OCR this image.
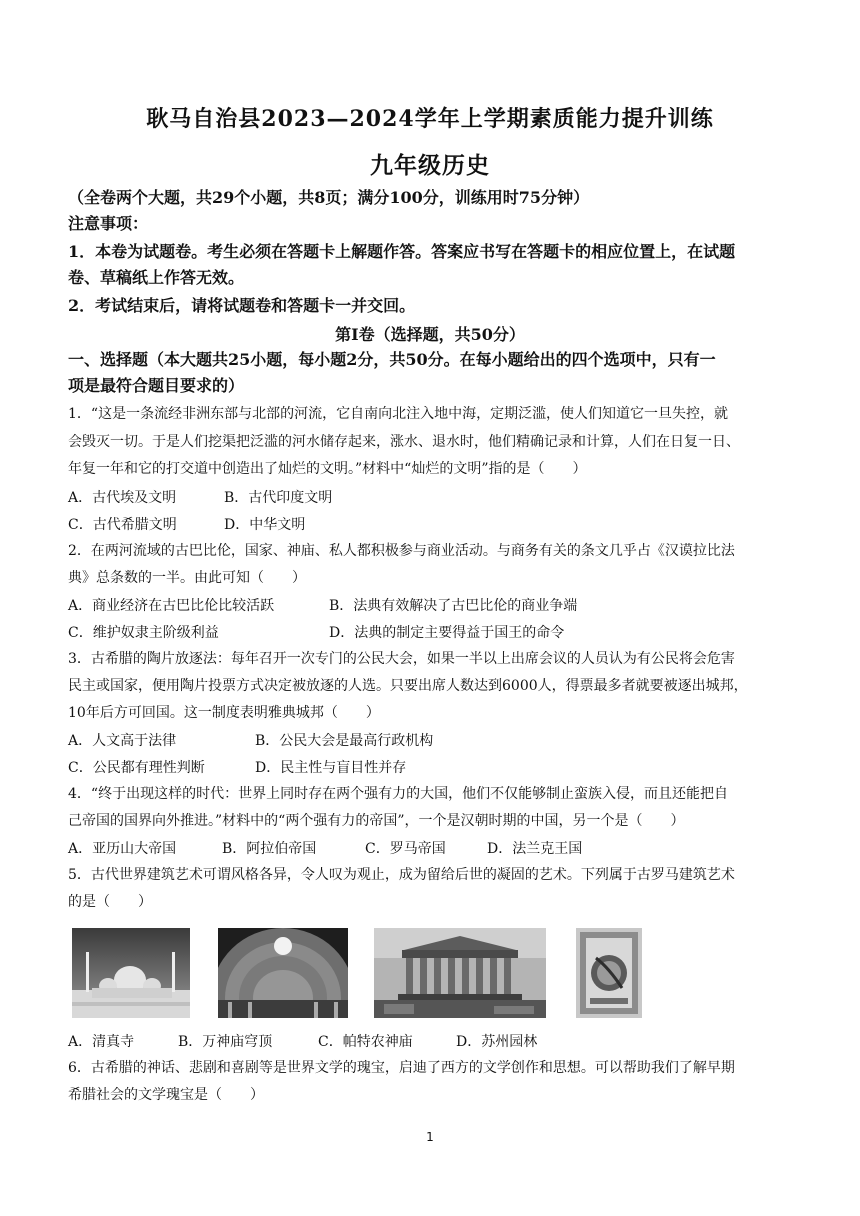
耿马自治县2023—2024学年上学期素质能力提升训练
九年级历史
（全卷两个大题，共29个小题，共8页；满分100分，训练用时75分钟）
注意事项：
1．本卷为试题卷。考生必须在答题卡上解题作答。答案应书写在答题卡的相应位置上，在试题
卷、草稿纸上作答无效。
2．考试结束后，请将试题卷和答题卡一并交回。
第Ⅰ卷（选择题，共50分）
一、选择题（本大题共25小题，每小题2分，共50分。在每小题给出的四个选项中，只有一
项是最符合题目要求的）
1．“这是一条流经非洲东部与北部的河流，它自南向北注入地中海，定期泛滥，使人们知道它一旦失控，就
会毁灭一切。于是人们挖渠把泛滥的河水储存起来，涨水、退水时，他们精确记录和计算，人们在日复一日、
年复一年和它的打交道中创造出了灿烂的文明。”材料中“灿烂的文明”指的是（　　）
A．古代埃及文明	B．古代印度文明
C．古代希腊文明	D．中华文明
2．在两河流域的古巴比伦，国家、神庙、私人都积极参与商业活动。与商务有关的条文几乎占《汉谟拉比法
典》总条数的一半。由此可知（　　）
A．商业经济在古巴比伦比较活跃	B．法典有效解决了古巴比伦的商业争端
C．维护奴隶主阶级利益	D．法典的制定主要得益于国王的命令
3．古希腊的陶片放逐法：每年召开一次专门的公民大会，如果一半以上出席会议的人员认为有公民将会危害
民主或国家，便用陶片投票方式决定被放逐的人选。只要出席人数达到6000人，得票最多者就要被逐出城邦，
10年后方可回国。这一制度表明雅典城邦（　　）
A．人文高于法律	B．公民大会是最高行政机构
C．公民都有理性判断	D．民主性与盲目性并存
4．“终于出现这样的时代：世界上同时存在两个强有力的大国，他们不仅能够制止蛮族入侵，而且还能把自
己帝国的国界向外推进。”材料中的“两个强有力的帝国”，一个是汉朝时期的中国，另一个是（　　）
A．亚历山大帝国	B．阿拉伯帝国	C．罗马帝国	D．法兰克王国
5．古代世界建筑艺术可谓风格各异，令人叹为观止，成为留给后世的凝固的艺术。下列属于古罗马建筑艺术
的是（　　）
A．清真寺	B．万神庙穹顶	C．帕特农神庙	D．苏州园林
6．古希腊的神话、悲剧和喜剧等是世界文学的瑰宝，启迪了西方的文学创作和思想。可以帮助我们了解早期
希腊社会的文学瑰宝是（　　）
1
